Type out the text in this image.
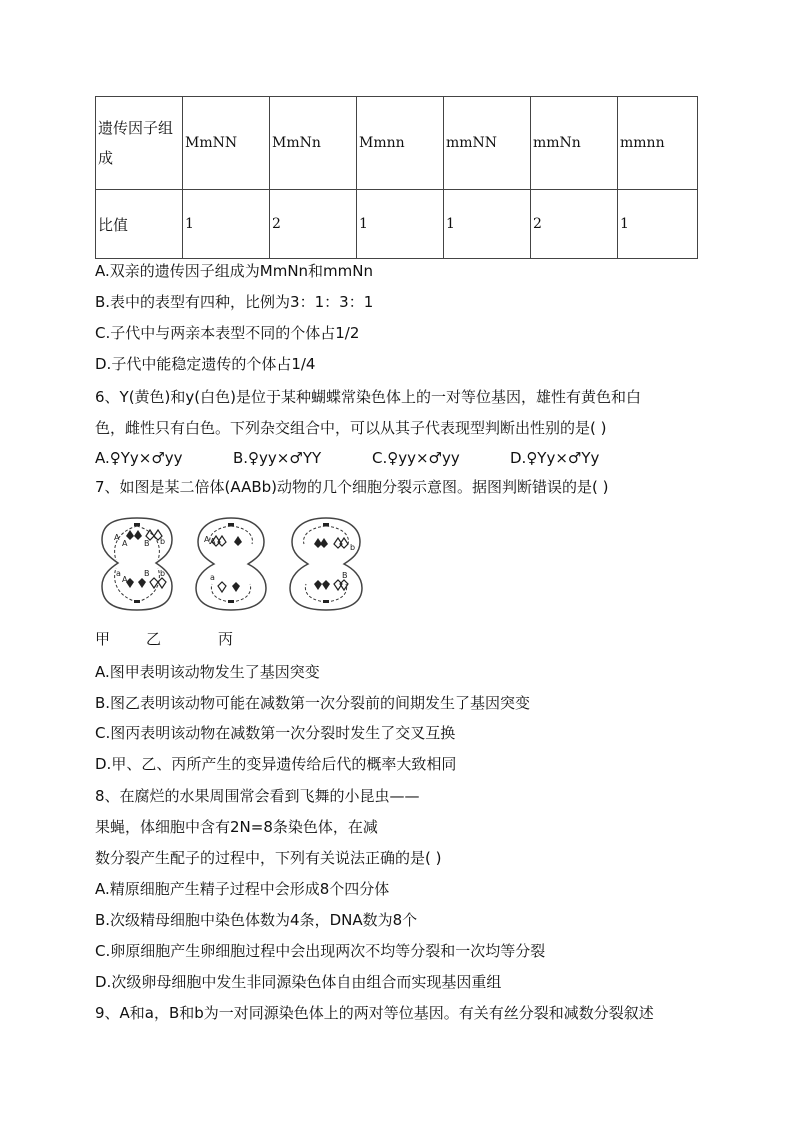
遗传因子组成	MmNN	MmNn	Mmnn	mmNN	mmNn	mmnn
比值	1	2	1	1	2	1
A.双亲的遗传因子组成为MmNn和mmNn
B.表中的表型有四种，比例为3：1：3：1
C.子代中与两亲本表型不同的个体占1/2
D.子代中能稳定遗传的个体占1/4
6、Y(黄色)和y(白色)是位于某种蝴蝶常染色体上的一对等位基因，雄性有黄色和白
色，雌性只有白色。下列杂交组合中，可以从其子代表现型判断出性别的是( )
A.♀Yy×♂yy	B.♀yy×♂YY	C.♀yy×♂yy	D.♀Yy×♂Yy
7、如图是某二倍体(AABb)动物的几个细胞分裂示意图。据图判断错误的是( )
A
A B b
a
A
B b
A A
a
b
B
甲 乙	丙
A.图甲表明该动物发生了基因突变
B.图乙表明该动物可能在减数第一次分裂前的间期发生了基因突变
C.图丙表明该动物在减数第一次分裂时发生了交叉互换
D.甲、乙、丙所产生的变异遗传给后代的概率大致相同
8、在腐烂的水果周围常会看到飞舞的小昆虫——
果蝇，体细胞中含有2N=8条染色体，在减
数分裂产生配子的过程中，下列有关说法正确的是( )
A.精原细胞产生精子过程中会形成8个四分体
B.次级精母细胞中染色体数为4条，DNA数为8个
C.卵原细胞产生卵细胞过程中会出现两次不均等分裂和一次均等分裂
D.次级卵母细胞中发生非同源染色体自由组合而实现基因重组
9、A和a，B和b为一对同源染色体上的两对等位基因。有关有丝分裂和减数分裂叙述
